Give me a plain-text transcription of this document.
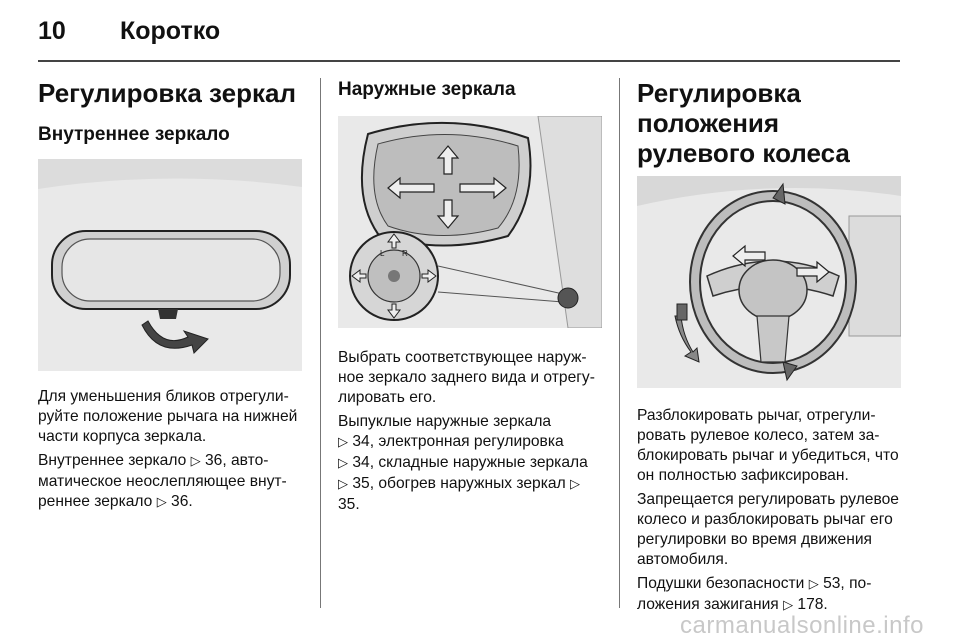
10 Коротко
Регулировка зеркал
Внутреннее зеркало

Для уменьшения бликов отрегулируйте положение рычага на нижней части корпуса зеркала.

Внутреннее зеркало ▷ 36, автоматическое неослепляющее внутреннее зеркало ▷ 36.

Наружные зеркала
L R

Выбрать соответствующее наружное зеркало заднего вида и отрегулировать его.

Выпуклые наружные зеркала
▷ 34, электронная регулировка
▷ 34, складные наружные зеркала ▷ 35, обогрев наружных зеркал ▷ 35.

Регулировка положения рулевого колеса

Разблокировать рычаг, отрегулировать рулевое колесо, затем заблокировать рычаг и убедиться, что он полностью зафиксирован.

Запрещается регулировать рулевое колесо и разблокировать рычаг его регулировки во время движения автомобиля.

Подушки безопасности ▷ 53, положения зажигания ▷ 178.

carmanualsonline.info
